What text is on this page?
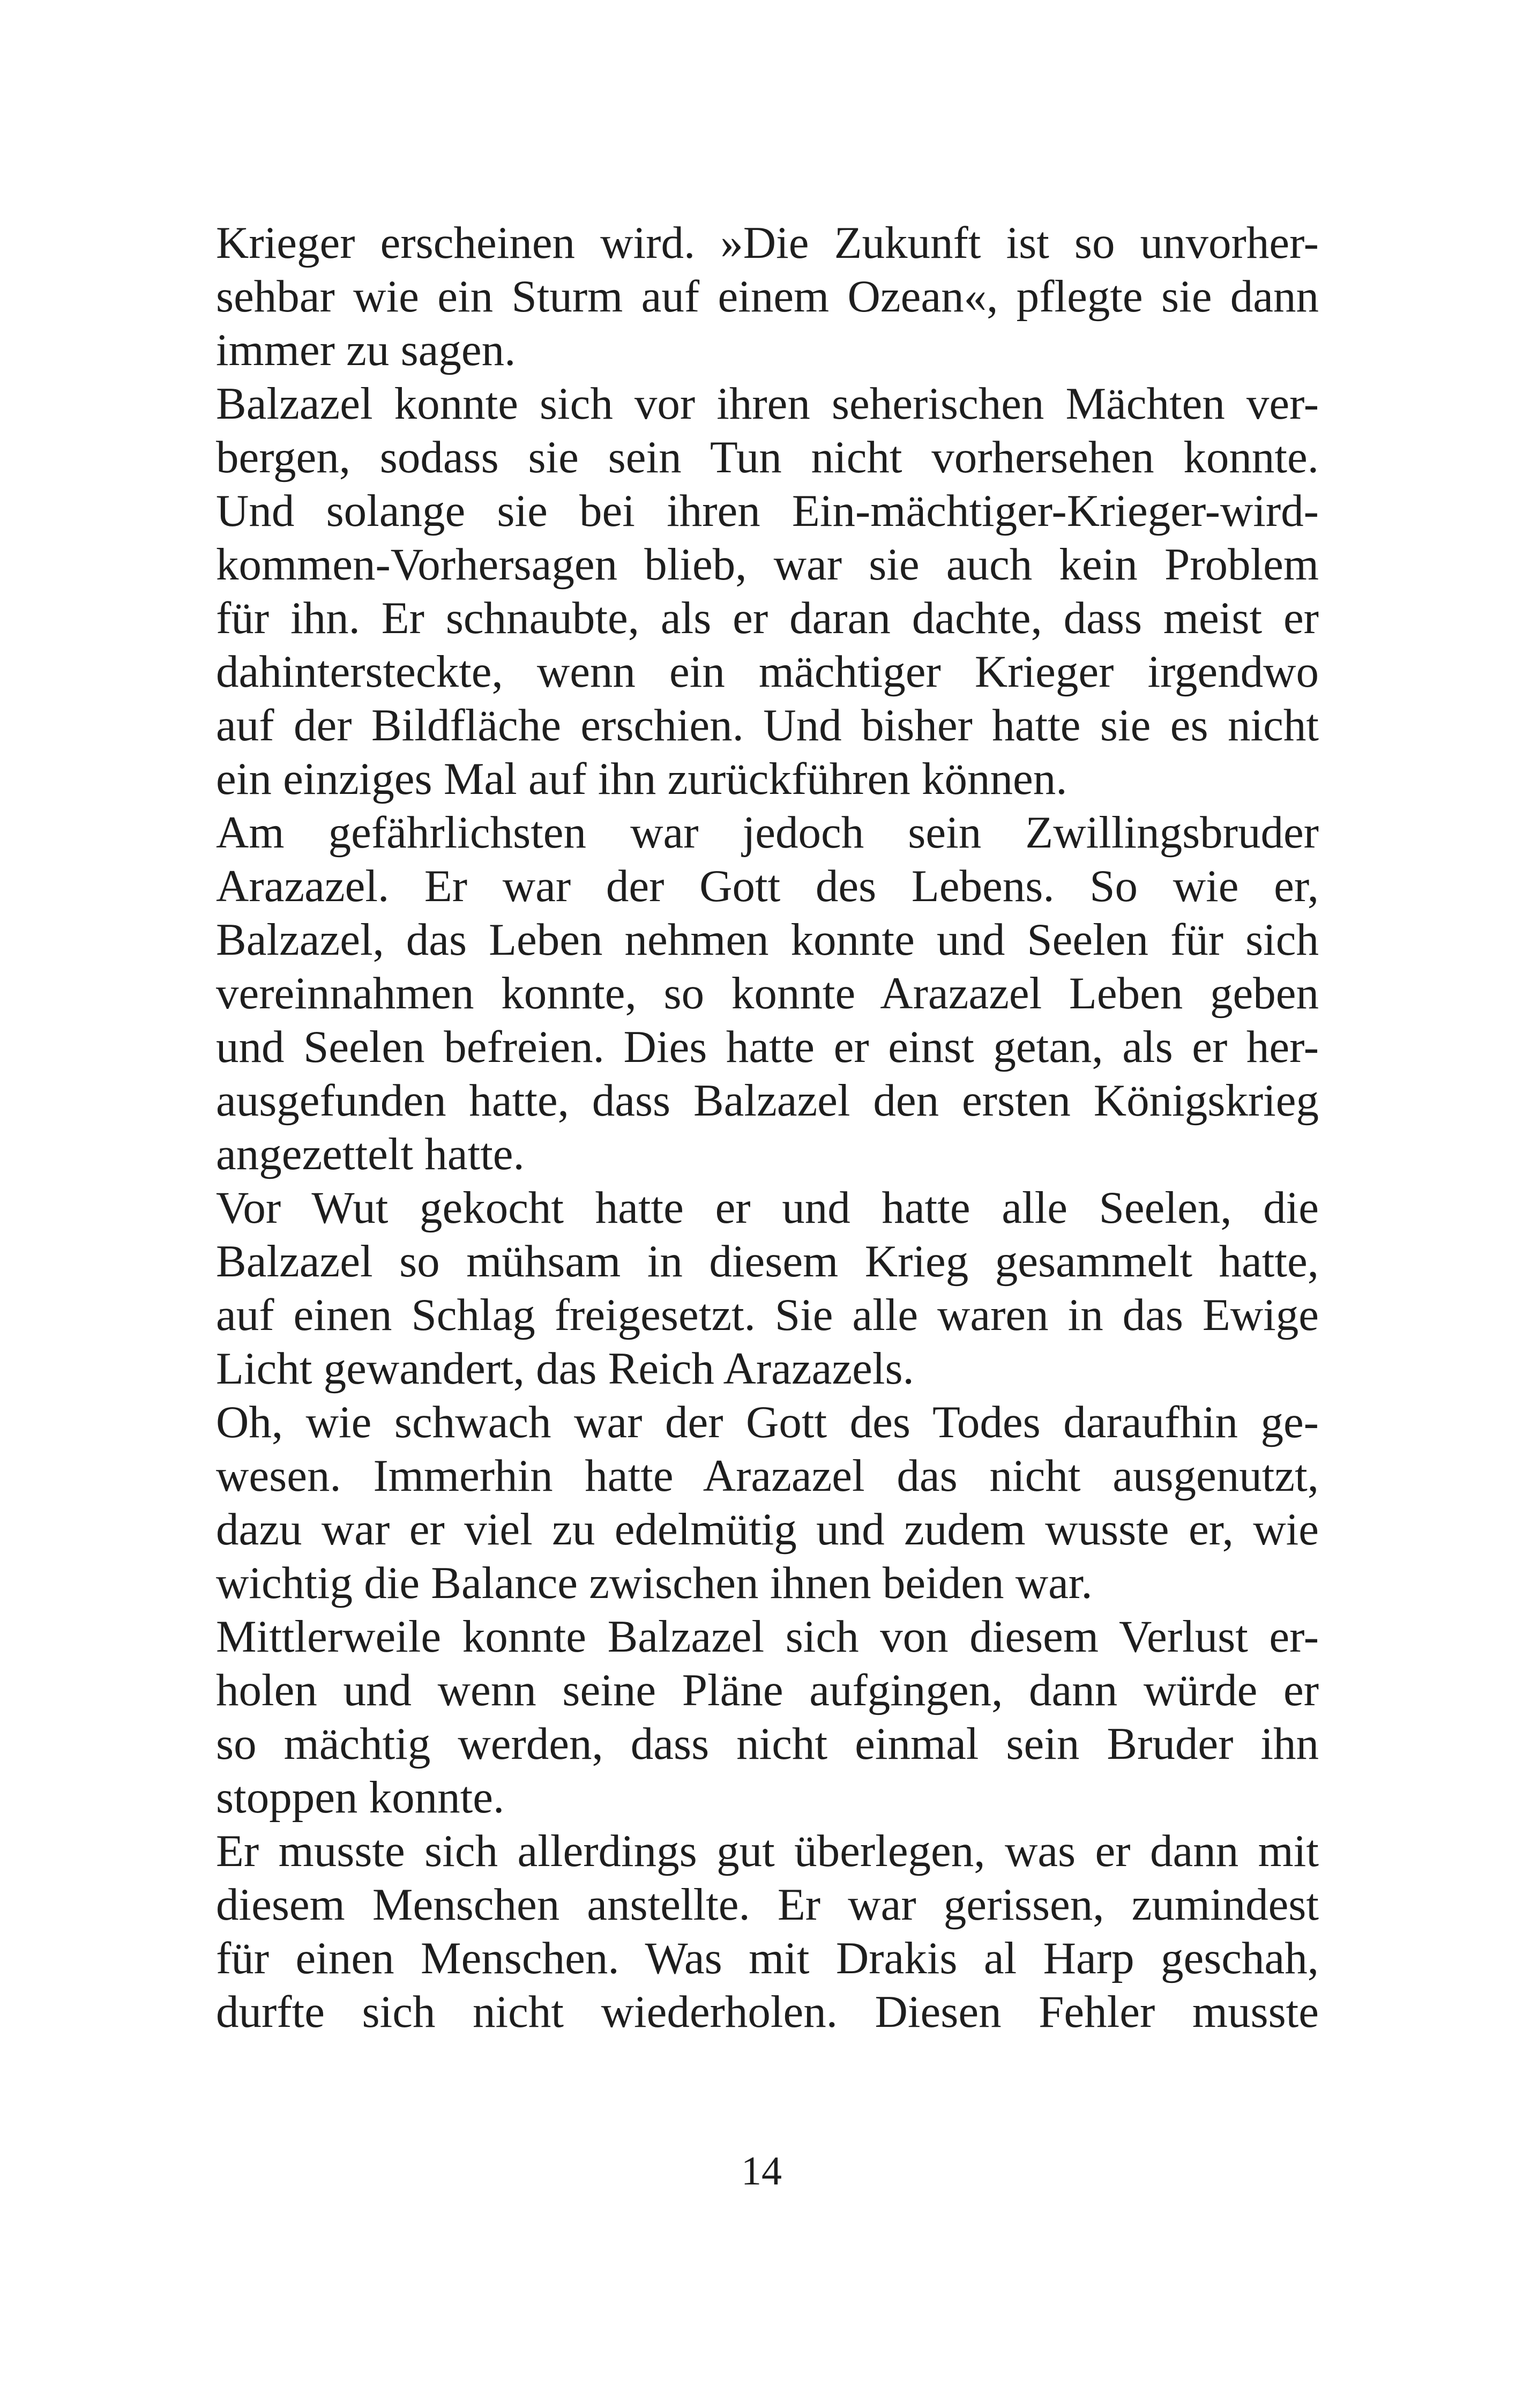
Krieger erscheinen wird. »Die Zukunft ist so unvorher-
sehbar wie ein Sturm auf einem Ozean«, pflegte sie dann
immer zu sagen.

Balzazel konnte sich vor ihren seherischen Mächten ver-
bergen, sodass sie sein Tun nicht vorhersehen konnte.
Und solange sie bei ihren Ein-mächtiger-Krieger-wird-
kommen-Vorhersagen blieb, war sie auch kein Problem
für ihn. Er schnaubte, als er daran dachte, dass meist er
dahintersteckte, wenn ein mächtiger Krieger irgendwo
auf der Bildfläche erschien. Und bisher hatte sie es nicht
ein einziges Mal auf ihn zurückführen können.

Am gefährlichsten war jedoch sein Zwillingsbruder
Arazazel. Er war der Gott des Lebens. So wie er,
Balzazel, das Leben nehmen konnte und Seelen für sich
vereinnahmen konnte, so konnte Arazazel Leben geben
und Seelen befreien. Dies hatte er einst getan, als er her-
ausgefunden hatte, dass Balzazel den ersten Königskrieg
angezettelt hatte.

Vor Wut gekocht hatte er und hatte alle Seelen, die
Balzazel so mühsam in diesem Krieg gesammelt hatte,
auf einen Schlag freigesetzt. Sie alle waren in das Ewige
Licht gewandert, das Reich Arazazels.

Oh, wie schwach war der Gott des Todes daraufhin ge-
wesen. Immerhin hatte Arazazel das nicht ausgenutzt,
dazu war er viel zu edelmütig und zudem wusste er, wie
wichtig die Balance zwischen ihnen beiden war.

Mittlerweile konnte Balzazel sich von diesem Verlust er-
holen und wenn seine Pläne aufgingen, dann würde er
so mächtig werden, dass nicht einmal sein Bruder ihn
stoppen konnte.

Er musste sich allerdings gut überlegen, was er dann mit
diesem Menschen anstellte. Er war gerissen, zumindest
für einen Menschen. Was mit Drakis al Harp geschah,
durfte sich nicht wiederholen. Diesen Fehler musste

14
